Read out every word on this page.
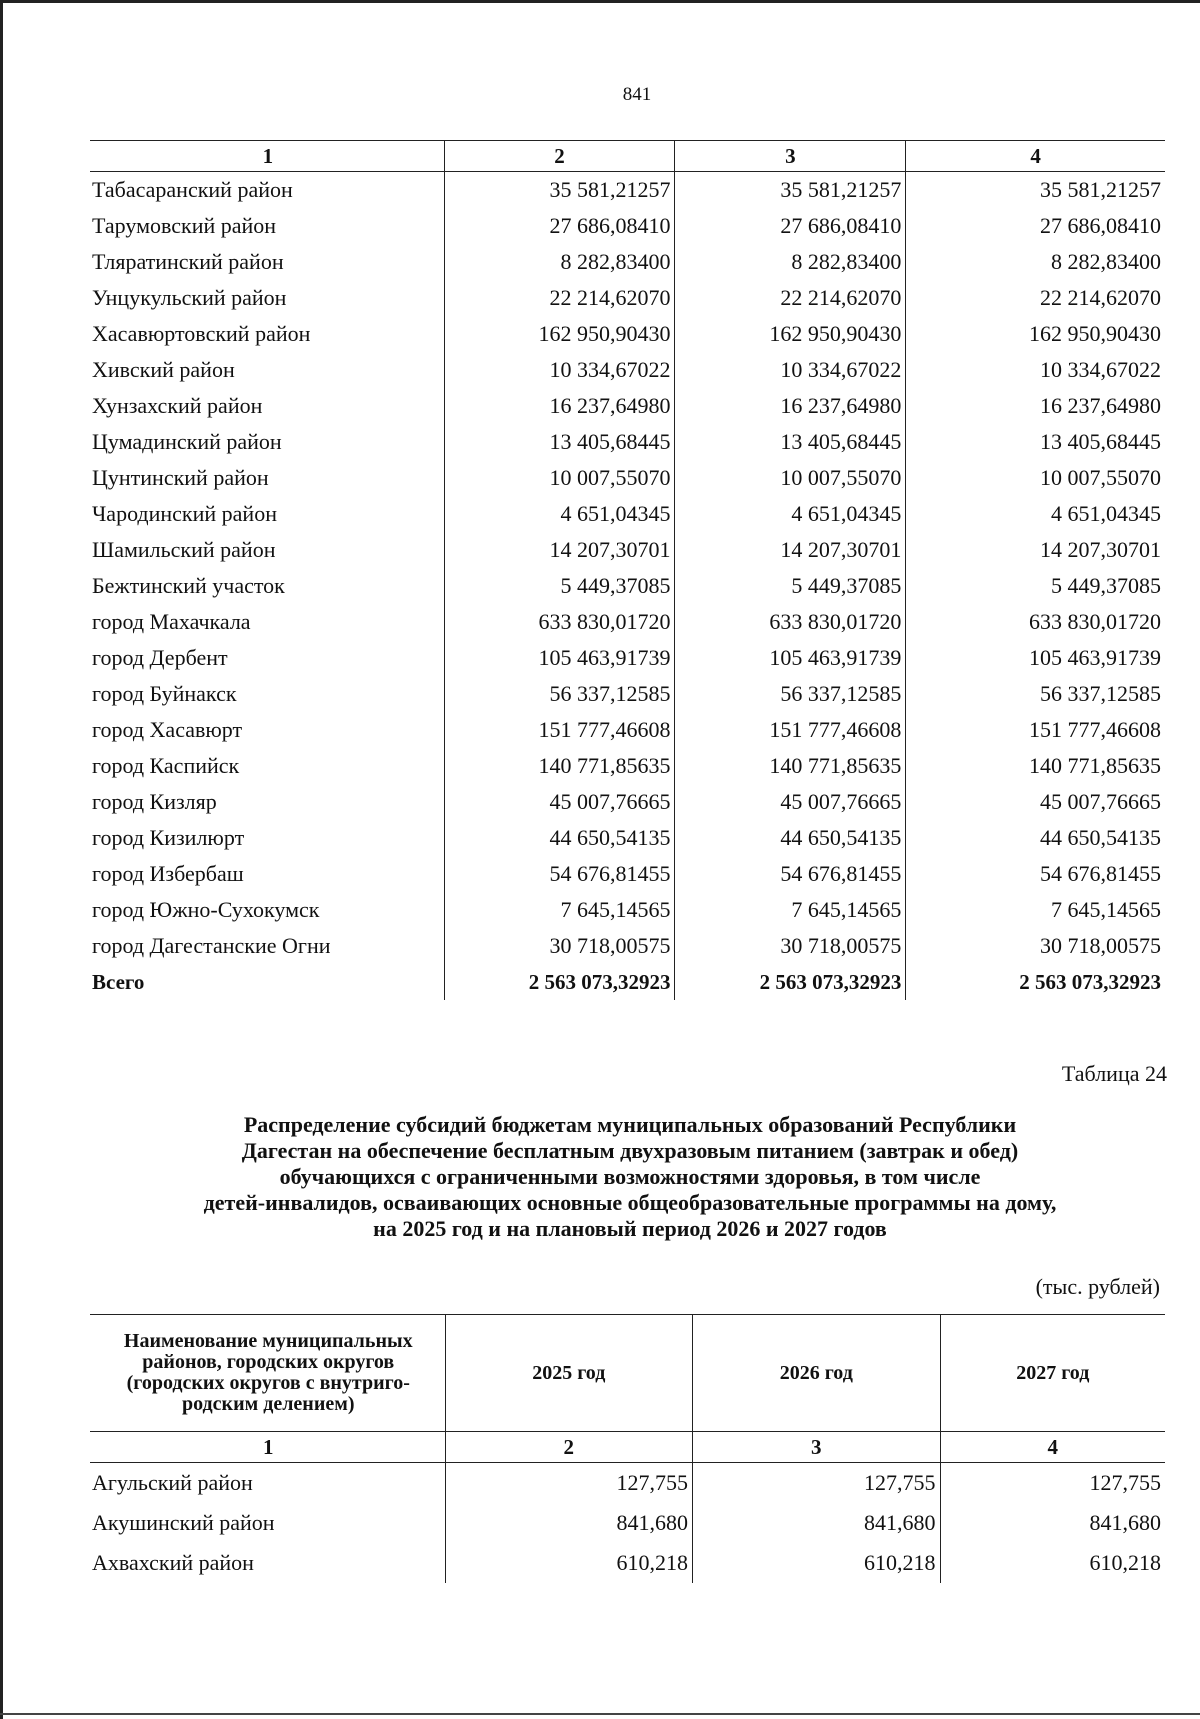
841
1	2	3	4
Табасаранский район	35 581,21257	35 581,21257	35 581,21257
Тарумовский район	27 686,08410	27 686,08410	27 686,08410
Тляратинский район	8 282,83400	8 282,83400	8 282,83400
Унцукульский район	22 214,62070	22 214,62070	22 214,62070
Хасавюртовский район	162 950,90430	162 950,90430	162 950,90430
Хивский район	10 334,67022	10 334,67022	10 334,67022
Хунзахский район	16 237,64980	16 237,64980	16 237,64980
Цумадинский район	13 405,68445	13 405,68445	13 405,68445
Цунтинский район	10 007,55070	10 007,55070	10 007,55070
Чародинский район	4 651,04345	4 651,04345	4 651,04345
Шамильский район	14 207,30701	14 207,30701	14 207,30701
Бежтинский участок	5 449,37085	5 449,37085	5 449,37085
город Махачкала	633 830,01720	633 830,01720	633 830,01720
город Дербент	105 463,91739	105 463,91739	105 463,91739
город Буйнакск	56 337,12585	56 337,12585	56 337,12585
город Хасавюрт	151 777,46608	151 777,46608	151 777,46608
город Каспийск	140 771,85635	140 771,85635	140 771,85635
город Кизляр	45 007,76665	45 007,76665	45 007,76665
город Кизилюрт	44 650,54135	44 650,54135	44 650,54135
город Избербаш	54 676,81455	54 676,81455	54 676,81455
город Южно-Сухокумск	7 645,14565	7 645,14565	7 645,14565
город Дагестанские Огни	30 718,00575	30 718,00575	30 718,00575
Всего	2 563 073,32923	2 563 073,32923	2 563 073,32923
Таблица 24
Распределение субсидий бюджетам муниципальных образований Республики
Дагестан на обеспечение бесплатным двухразовым питанием (завтрак и обед)
обучающихся с ограниченными возможностями здоровья, в том числе
детей-инвалидов, осваивающих основные общеобразовательные программы на дому,
на 2025 год и на плановый период 2026 и 2027 годов
(тыс. рублей)
Наименование муниципальных
районов, городских округов
(городских округов с внутриго-
родским делением)	2025 год	2026 год	2027 год
1	2	3	4
Агульский район	127,755	127,755	127,755
Акушинский район	841,680	841,680	841,680
Ахвахский район	610,218	610,218	610,218
